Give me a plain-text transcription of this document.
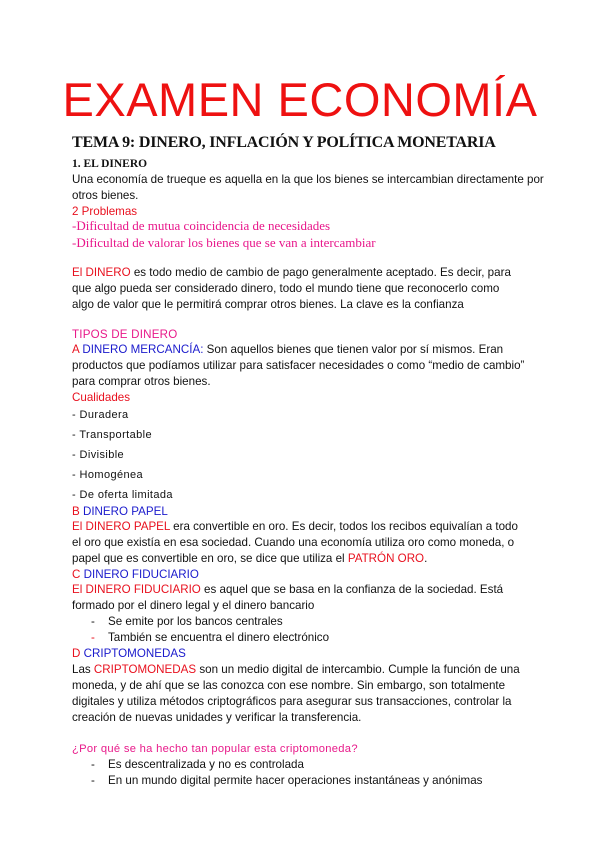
EXAMEN ECONOMÍA
TEMA 9: DINERO, INFLACIÓN Y POLÍTICA MONETARIA
1. EL DINERO
Una economía de trueque es aquella en la que los bienes se intercambian directamente por
otros bienes.
2 Problemas
-Dificultad de mutua coincidencia de necesidades
-Dificultad de valorar los bienes que se van a intercambiar
El DINERO es todo medio de cambio de pago generalmente aceptado. Es decir, para
que algo pueda ser considerado dinero, todo el mundo tiene que reconocerlo como
algo de valor que le permitirá comprar otros bienes. La clave es la confianza
TIPOS DE DINERO
A DINERO MERCANCÍA: Son aquellos bienes que tienen valor por sí mismos. Eran
productos que podíamos utilizar para satisfacer necesidades o como “medio de cambio”
para comprar otros bienes.
Cualidades
- Duradera
- Transportable
- Divisible
- Homogénea
- De oferta limitada
B DINERO PAPEL
El DINERO PAPEL era convertible en oro. Es decir, todos los recibos equivalían a todo
el oro que existía en esa sociedad. Cuando una economía utiliza oro como moneda, o
papel que es convertible en oro, se dice que utiliza el PATRÓN ORO.
C DINERO FIDUCIARIO
El DINERO FIDUCIARIO es aquel que se basa en la confianza de la sociedad. Está
formado por el dinero legal y el dinero bancario
- Se emite por los bancos centrales
- También se encuentra el dinero electrónico
D CRIPTOMONEDAS
Las CRIPTOMONEDAS son un medio digital de intercambio. Cumple la función de una
moneda, y de ahí que se las conozca con ese nombre. Sin embargo, son totalmente
digitales y utiliza métodos criptográficos para asegurar sus transacciones, controlar la
creación de nuevas unidades y verificar la transferencia.
¿Por qué se ha hecho tan popular esta criptomoneda?
- Es descentralizada y no es controlada
- En un mundo digital permite hacer operaciones instantáneas y anónimas
